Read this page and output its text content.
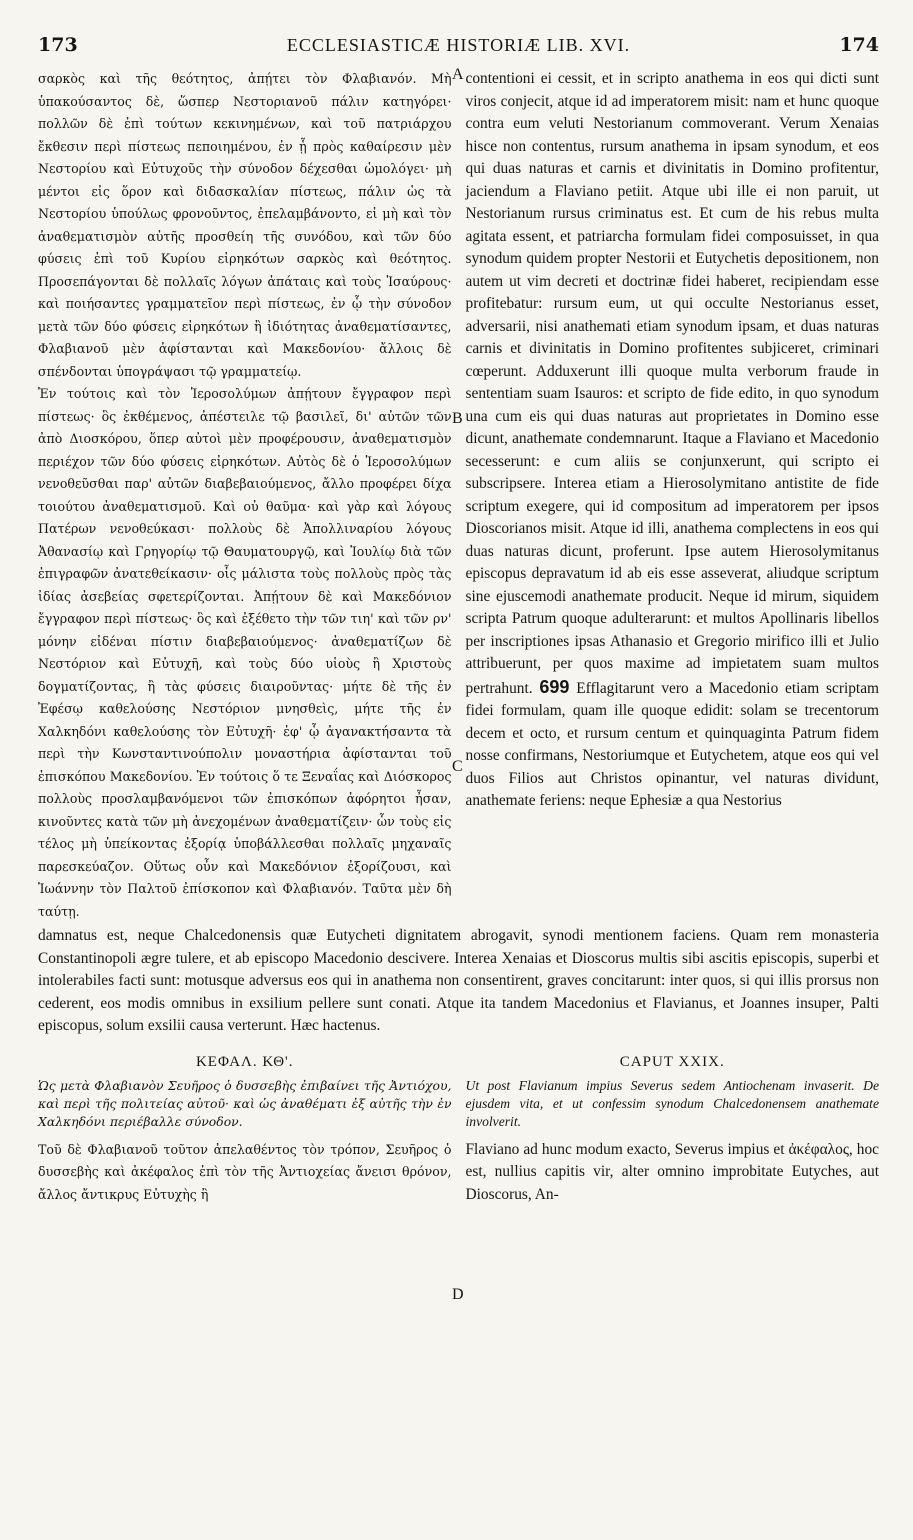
173	ECCLESIASTICÆ HISTORIÆ LIB. XVI.	174

σαρκὸς καὶ τῆς θεότητος, ἀπῄτει τὸν Φλαβιανόν. Μὴ ὑπακούσαντος δὲ, ὥσπερ Νεστοριανοῦ πάλιν κατηγόρει· πολλῶν δὲ ἐπὶ τούτων κεκινημένων, καὶ τοῦ πατριάρχου ἔκθεσιν περὶ πίστεως πεποιημένου, ἐν ᾗ πρὸς καθαίρεσιν μὲν Νεστορίου καὶ Εὐτυχοῦς τὴν σύνοδον δέχεσθαι ὡμολόγει· μὴ μέντοι εἰς ὅρον καὶ διδασκαλίαν πίστεως, πάλιν ὡς τὰ Νεστορίου ὑπούλως φρονοῦντος, ἐπελαμβάνοντο, εἰ μὴ καὶ τὸν ἀναθεματισμὸν αὐτῆς προσθείη τῆς συνόδου, καὶ τῶν δύο φύσεις ἐπὶ τοῦ Κυρίου εἰρηκότων σαρκὸς καὶ θεότητος. Προσεπάγονται δὲ πολλαῖς λόγων ἀπάταις καὶ τοὺς Ἰσαύρους· καὶ ποιήσαντες γραμματεῖον περὶ πίστεως, ἐν ᾧ τὴν σύνοδον μετὰ τῶν δύο φύσεις εἰρηκότων ἢ ἰδιότητας ἀναθεματίσαντες, Φλαβιανοῦ μὲν ἀφίστανται καὶ Μακεδονίου· ἄλλοις δὲ σπένδονται ὑπογράψασι τῷ γραμματείῳ.

Ἐν τούτοις καὶ τὸν Ἱεροσολύμων ἀπῄτουν ἔγγραφον περὶ πίστεως· ὃς ἐκθέμενος, ἀπέστειλε τῷ βασιλεῖ, δι' αὐτῶν τῶν ἀπὸ Διοσκόρου, ὅπερ αὐτοὶ μὲν προφέρουσιν, ἀναθεματισμὸν περιέχον τῶν δύο φύσεις εἰρηκότων. Αὐτὸς δὲ ὁ Ἱεροσολύμων νενοθεῦσθαι παρ' αὐτῶν διαβεβαιούμενος, ἄλλο προφέρει δίχα τοιούτου ἀναθεματισμοῦ. Καὶ οὐ θαῦμα· καὶ γὰρ καὶ λόγους Πατέρων νενοθεύκασι· πολλοὺς δὲ Ἀπολλιναρίου λόγους Ἀθανασίῳ καὶ Γρηγορίῳ τῷ Θαυματουργῷ, καὶ Ἰουλίῳ διὰ τῶν ἐπιγραφῶν ἀνατεθείκασιν· οἷς μάλιστα τοὺς πολλοὺς πρὸς τὰς ἰδίας ἀσεβείας σφετερίζονται. Ἀπῄτουν δὲ καὶ Μακεδόνιον ἔγγραφον περὶ πίστεως· ὃς καὶ ἐξέθετο τὴν τῶν τιη' καὶ τῶν ρν' μόνην εἰδέναι πίστιν διαβεβαιούμενος· ἀναθεματίζων δὲ Νεστόριον καὶ Εὐτυχῆ, καὶ τοὺς δύο υἱοὺς ἢ Χριστοὺς δογματίζοντας, ἢ τὰς φύσεις διαιροῦντας· μήτε δὲ τῆς ἐν Ἐφέσῳ καθελούσης Νεστόριον μνησθεὶς, μήτε τῆς ἐν Χαλκηδόνι καθελούσης τὸν Εὐτυχῆ· ἐφ' ᾧ ἀγανακτήσαντα τὰ περὶ τὴν Κωνσταντινούπολιν μοναστήρια ἀφίστανται τοῦ ἐπισκόπου Μακεδονίου. Ἐν τούτοις ὅ τε Ξεναΐας καὶ Διόσκορος πολλοὺς προσλαμβανόμενοι τῶν ἐπισκόπων ἀφόρητοι ἦσαν, κινοῦντες κατὰ τῶν μὴ ἀνεχομένων ἀναθεματίζειν· ὧν τοὺς εἰς τέλος μὴ ὑπείκοντας ἐξορίᾳ ὑποβάλλεσθαι πολλαῖς μηχαναῖς παρεσκεύαζον. Οὕτως οὖν καὶ Μακεδόνιον ἐξορίζουσι, καὶ Ἰωάννην τὸν Παλτοῦ ἐπίσκοπον καὶ Φλαβιανόν. Ταῦτα μὲν δὴ ταύτῃ.

contentioni ei cessit, et in scripto anathema in eos qui dicti sunt viros conjecit, atque id ad imperatorem misit: nam et hunc quoque contra eum veluti Nestorianum commoverant. Verum Xenaias hisce non contentus, rursum anathema in ipsam synodum, et eos qui duas naturas et carnis et divinitatis in Domino profitentur, jaciendum a Flaviano petiit. Atque ubi ille ei non paruit, ut Nestorianum rursus criminatus est. Et cum de his rebus multa agitata essent, et patriarcha formulam fidei composuisset, in qua synodum quidem propter Nestorii et Eutychetis depositionem, non autem ut vim decreti et doctrinæ fidei haberet, recipiendam esse profitebatur: rursum eum, ut qui occulte Nestorianus esset, adversarii, nisi anathemati etiam synodum ipsam, et duas naturas carnis et divinitatis in Domino profitentes subjiceret, criminari cœperunt. Adduxerunt illi quoque multa verborum fraude in sententiam suam Isauros: et scripto de fide edito, in quo synodum una cum eis qui duas naturas aut proprietates in Domino esse dicunt, anathemate condemnarunt. Itaque a Flaviano et Macedonio secesserunt: e cum aliis se conjunxerunt, qui scripto ei subscripsere. Interea etiam a Hierosolymitano antistite de fide scriptum exegere, qui id compositum ad imperatorem per ipsos Dioscorianos misit. Atque id illi, anathema complectens in eos qui duas naturas dicunt, proferunt. Ipse autem Hierosolymitanus episcopus depravatum id ab eis esse asseverat, aliudque scriptum sine ejuscemodi anathemate producit. Neque id mirum, siquidem scripta Patrum quoque adulterarunt: et multos Apollinaris libellos per inscriptiones ipsas Athanasio et Gregorio mirifico illi et Julio attribuerunt, per quos maxime ad impietatem suam multos pertrahunt. 699 Efflagitarunt vero a Macedonio etiam scriptam fidei formulam, quam ille quoque edidit: solam se trecentorum decem et octo, et rursum centum et quinquaginta Patrum fidem nosse confirmans, Nestoriumque et Eutychetem, atque eos qui vel duos Filios aut Christos opinantur, vel naturas dividunt, anathemate feriens: neque Ephesiæ a qua Nestorius

damnatus est, neque Chalcedonensis quæ Eutycheti dignitatem abrogavit, synodi mentionem faciens. Quam rem monasteria Constantinopoli ægre tulere, et ab episcopo Macedonio descivere. Interea Xenaias et Dioscorus multis sibi ascitis episcopis, superbi et intolerabiles facti sunt: motusque adversus eos qui in anathema non consentirent, graves concitarunt: inter quos, si qui illis prorsus non cederent, eos modis omnibus in exsilium pellere sunt conati. Atque ita tandem Macedonius et Flavianus, et Joannes insuper, Palti episcopus, solum exsilii causa verterunt. Hæc hactenus.

ΚΕΦΑΛ. ΚΘ'.	CAPUT XXIX.

Ὡς μετὰ Φλαβιανὸν Σευῆρος ὁ δυσσεβὴς ἐπιβαίνει τῆς Ἀντιόχου, καὶ περὶ τῆς πολιτείας αὐτοῦ· καὶ ὡς ἀναθέματι ἐξ αὐτῆς τὴν ἐν Χαλκηδόνι περιέβαλλε σύνοδον.

Τοῦ δὲ Φλαβιανοῦ τοῦτον ἀπελαθέντος τὸν τρόπον, Σευῆρος ὁ δυσσεβὴς καὶ ἀκέφαλος ἐπὶ τὸν τῆς Ἀντιοχείας ἄνεισι θρόνον, ἄλλος ἄντικρυς Εὐτυχὴς ἢ

Ut post Flavianum impius Severus sedem Antiochenam invaserit. De ejusdem vita, et ut confessim synodum Chalcedonensem anathemate involverit.

Flaviano ad hunc modum exacto, Severus impius et ἀκέφαλος, hoc est, nullius capitis vir, alter omnino improbitate Eutyches, aut Dioscorus, An-

A
B
C
D
